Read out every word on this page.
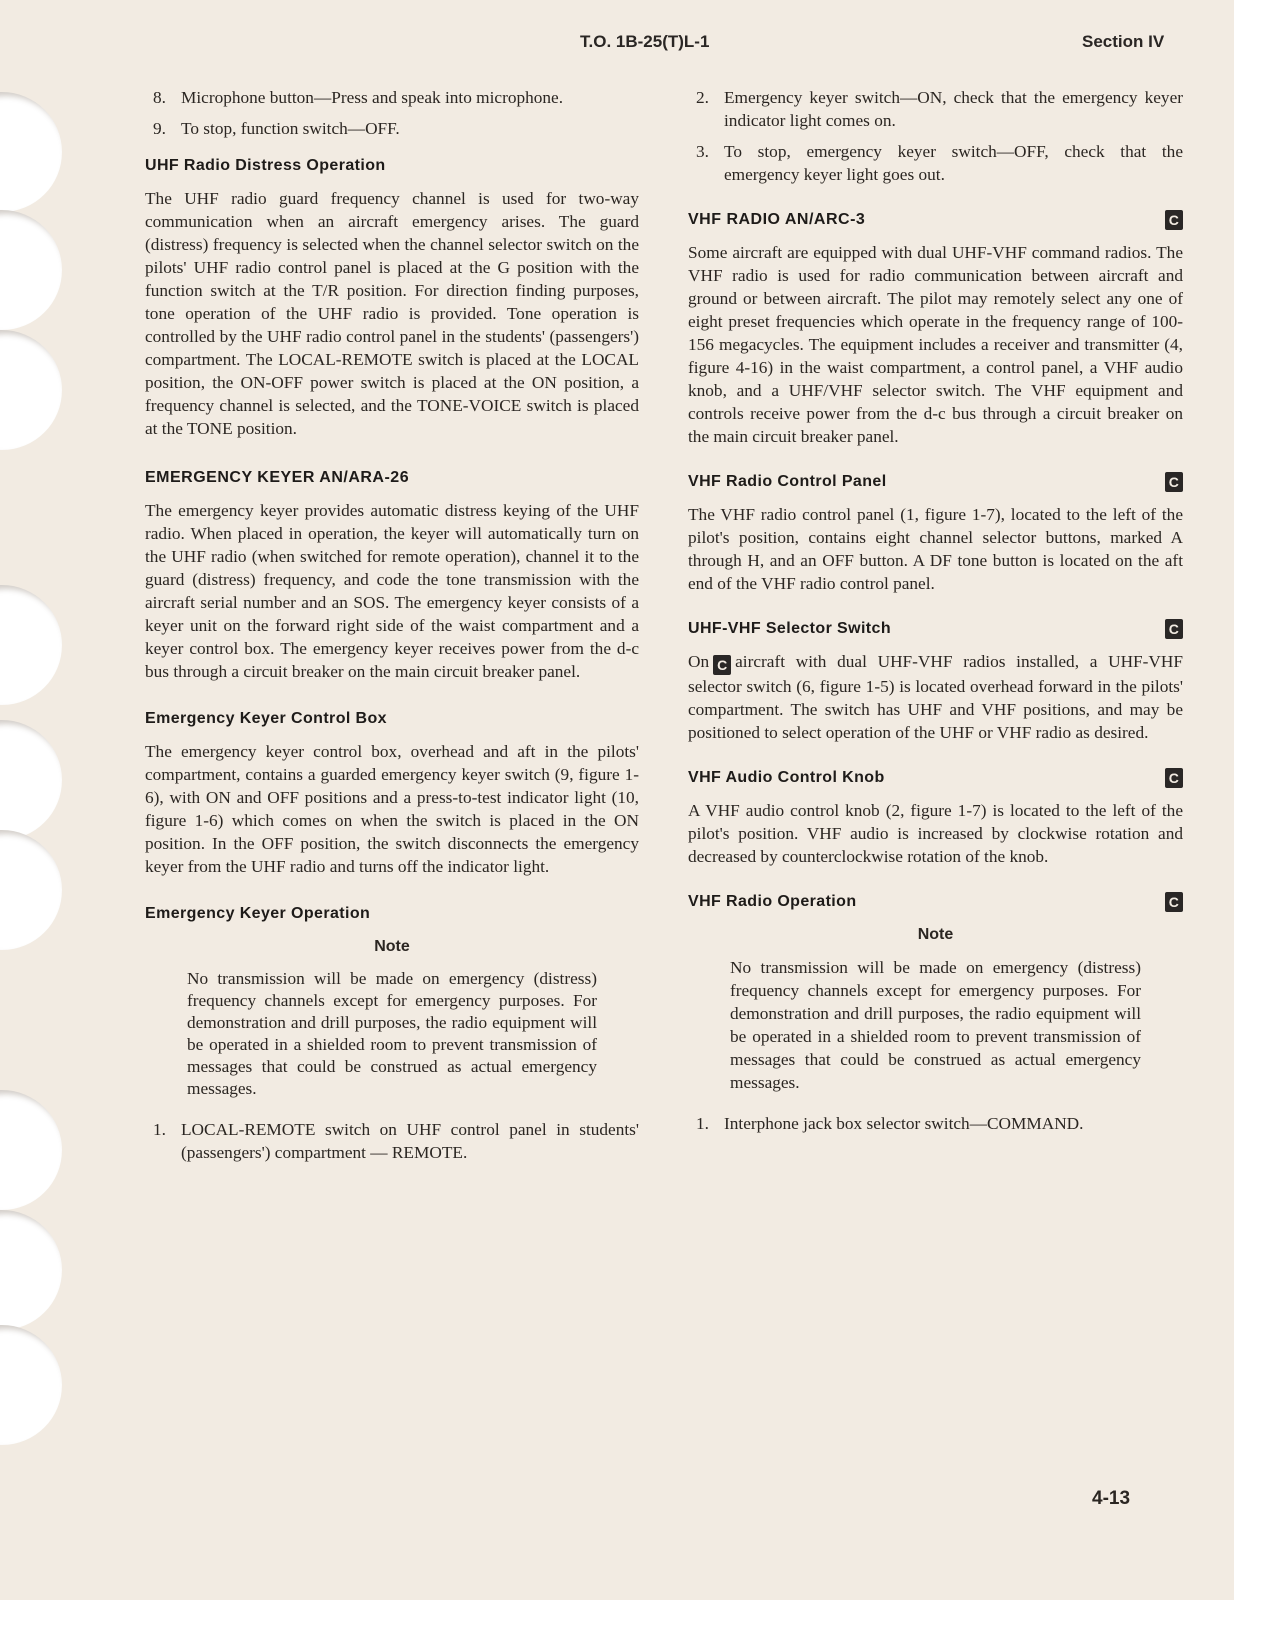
T.O. 1B-25(T)L-1	Section IV
8. Microphone button—Press and speak into microphone.
9. To stop, function switch—OFF.
UHF Radio Distress Operation

The UHF radio guard frequency channel is used for two-way communication when an aircraft emergency arises. The guard (distress) frequency is selected when the channel selector switch on the pilots' UHF radio control panel is placed at the G position with the function switch at the T/R position. For direction finding purposes, tone operation of the UHF radio is provided. Tone operation is controlled by the UHF radio control panel in the students' (passengers') compartment. The LOCAL-REMOTE switch is placed at the LOCAL position, the ON-OFF power switch is placed at the ON position, a frequency channel is selected, and the TONE-VOICE switch is placed at the TONE position.

EMERGENCY KEYER AN/ARA-26

The emergency keyer provides automatic distress keying of the UHF radio. When placed in operation, the keyer will automatically turn on the UHF radio (when switched for remote operation), channel it to the guard (distress) frequency, and code the tone transmission with the aircraft serial number and an SOS. The emergency keyer consists of a keyer unit on the forward right side of the waist compartment and a keyer control box. The emergency keyer receives power from the d-c bus through a circuit breaker on the main circuit breaker panel.

Emergency Keyer Control Box

The emergency keyer control box, overhead and aft in the pilots' compartment, contains a guarded emergency keyer switch (9, figure 1-6), with ON and OFF positions and a press-to-test indicator light (10, figure 1-6) which comes on when the switch is placed in the ON position. In the OFF position, the switch disconnects the emergency keyer from the UHF radio and turns off the indicator light.

Emergency Keyer Operation
Note

No transmission will be made on emergency (distress) frequency channels except for emergency purposes. For demonstration and drill purposes, the radio equipment will be operated in a shielded room to prevent transmission of messages that could be construed as actual emergency messages.

1. LOCAL-REMOTE switch on UHF control panel in students' (passengers') compartment — REMOTE.
2. Emergency keyer switch—ON, check that the emergency keyer indicator light comes on.
3. To stop, emergency keyer switch—OFF, check that the emergency keyer light goes out.
VHF RADIO AN/ARC-3	C

Some aircraft are equipped with dual UHF-VHF command radios. The VHF radio is used for radio communication between aircraft and ground or between aircraft. The pilot may remotely select any one of eight preset frequencies which operate in the frequency range of 100-156 megacycles. The equipment includes a receiver and transmitter (4, figure 4-16) in the waist compartment, a control panel, a VHF audio knob, and a UHF/VHF selector switch. The VHF equipment and controls receive power from the d-c bus through a circuit breaker on the main circuit breaker panel.

VHF Radio Control Panel	C

The VHF radio control panel (1, figure 1-7), located to the left of the pilot's position, contains eight channel selector buttons, marked A through H, and an OFF button. A DF tone button is located on the aft end of the VHF radio control panel.

UHF-VHF Selector Switch	C

On C aircraft with dual UHF-VHF radios installed, a UHF-VHF selector switch (6, figure 1-5) is located overhead forward in the pilots' compartment. The switch has UHF and VHF positions, and may be positioned to select operation of the UHF or VHF radio as desired.

VHF Audio Control Knob	C

A VHF audio control knob (2, figure 1-7) is located to the left of the pilot's position. VHF audio is increased by clockwise rotation and decreased by counterclockwise rotation of the knob.

VHF Radio Operation	C
Note

No transmission will be made on emergency (distress) frequency channels except for emergency purposes. For demonstration and drill purposes, the radio equipment will be operated in a shielded room to prevent transmission of messages that could be construed as actual emergency messages.

1. Interphone jack box selector switch—COMMAND.
4-13
